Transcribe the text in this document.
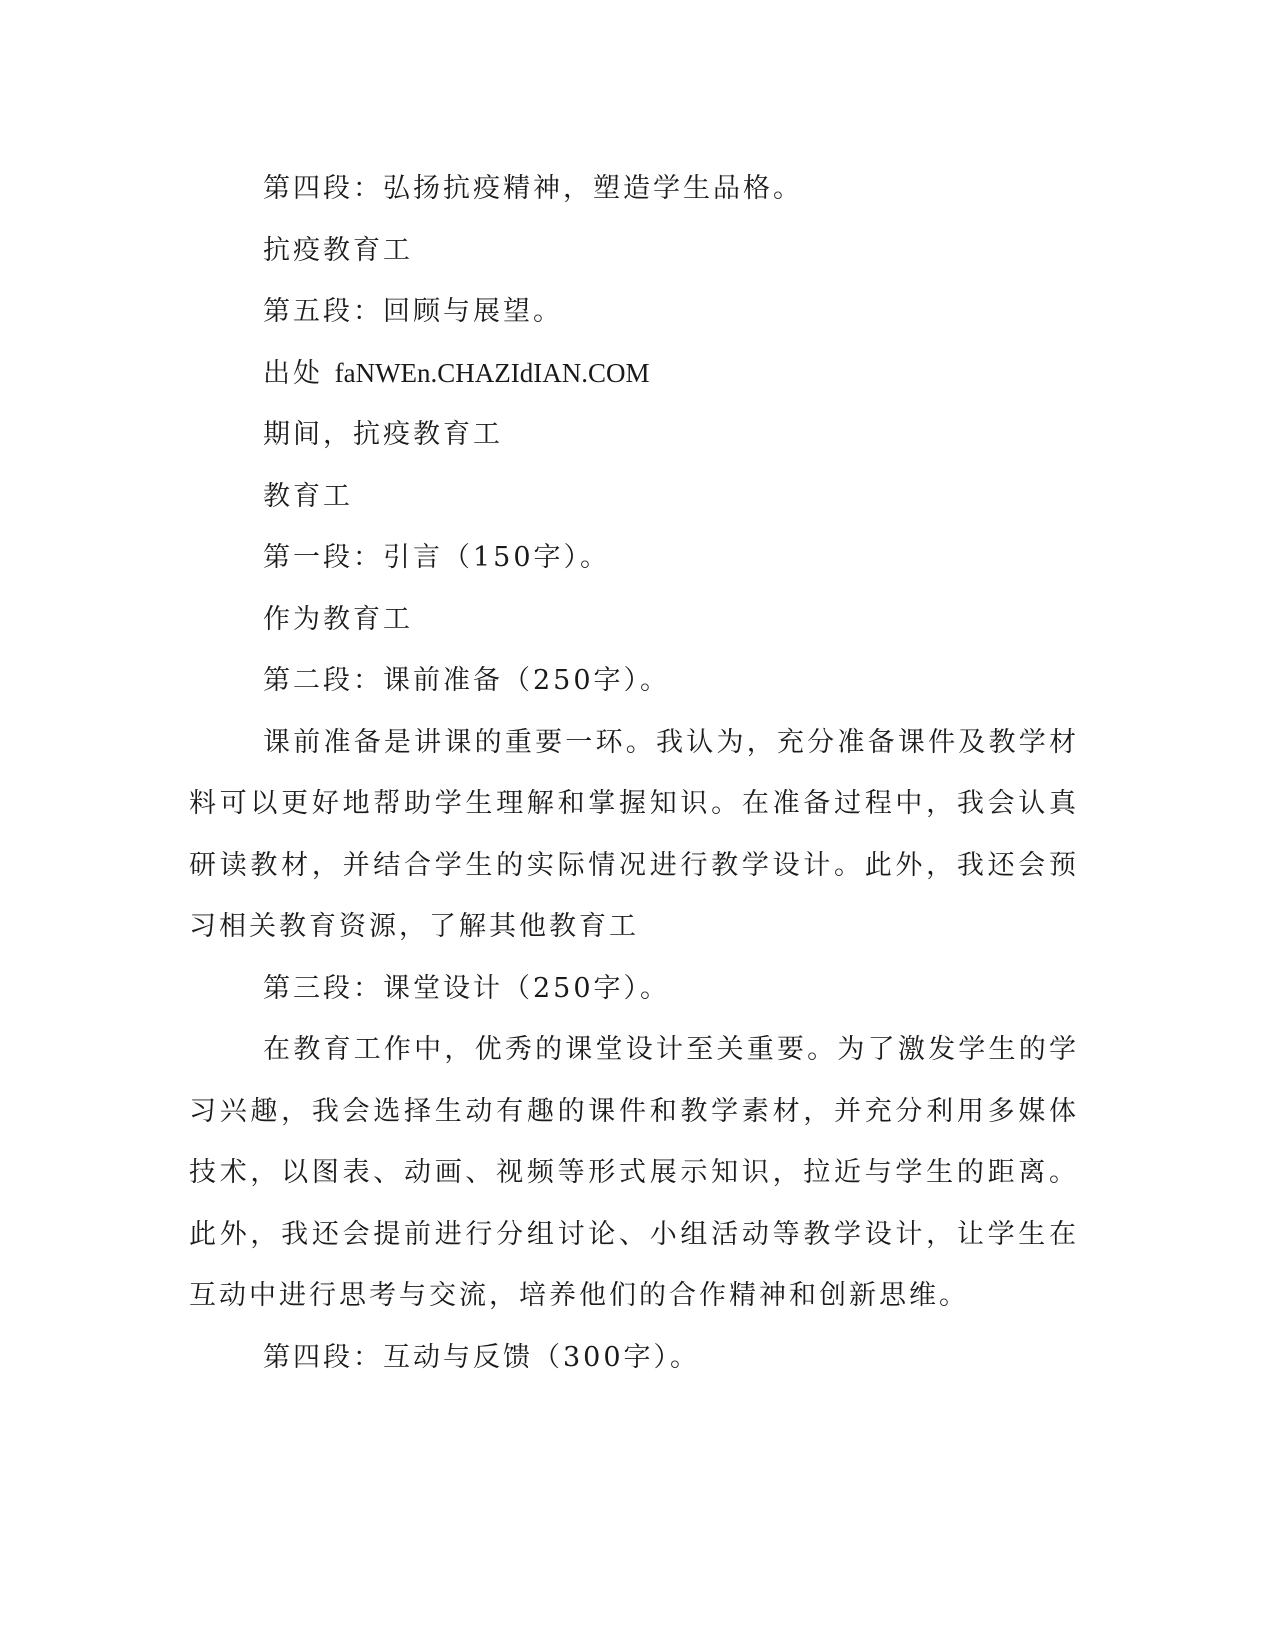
第四段：弘扬抗疫精神，塑造学生品格。

抗疫教育工

第五段：回顾与展望。

出处 faNWEn.CHAZIdIAN.COM

期间，抗疫教育工

教育工

第一段：引言（150字）。

作为教育工

第二段：课前准备（250字）。

课前准备是讲课的重要一环。我认为，充分准备课件及教学材料可以更好地帮助学生理解和掌握知识。在准备过程中，我会认真研读教材，并结合学生的实际情况进行教学设计。此外，我还会预习相关教育资源，了解其他教育工

第三段：课堂设计（250字）。

在教育工作中，优秀的课堂设计至关重要。为了激发学生的学习兴趣，我会选择生动有趣的课件和教学素材，并充分利用多媒体技术，以图表、动画、视频等形式展示知识，拉近与学生的距离。此外，我还会提前进行分组讨论、小组活动等教学设计，让学生在互动中进行思考与交流，培养他们的合作精神和创新思维。

第四段：互动与反馈（300字）。
